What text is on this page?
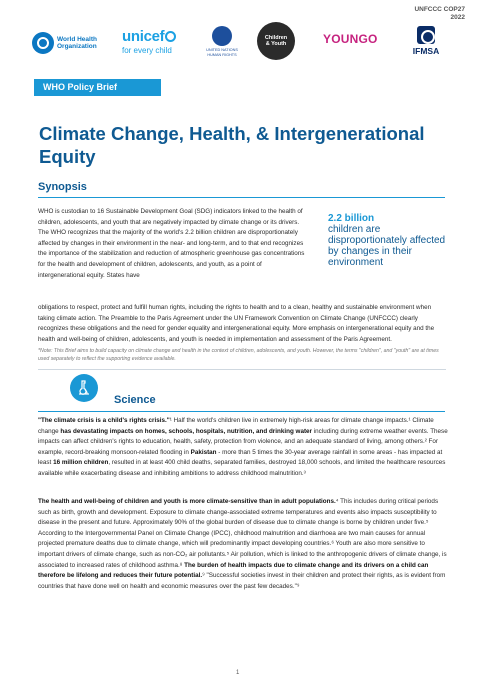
UNFCCC COP27
2022
World Health Organization
unicef
for every child	UNITED NATIONS HUMAN RIGHTS
Children
& Youth	YOUNGO
IFMSA
WHO Policy Brief
Climate Change, Health, & Intergenerational Equity
Synopsis

WHO is custodian to 16 Sustainable Development Goal (SDG) indicators linked to the health of children, adolescents, and youth that are negatively impacted by climate change or its drivers. The WHO recognizes that the majority of the world's 2.2 billion children are disproportionately affected by changes in their environment in the near- and long-term, and to that end recognizes the importance of the stabilization and reduction of atmospheric greenhouse gas concentrations for the health and development of children, adolescents, and youth, as a point of intergenerational equity. States have

2.2 billion
children are disproportionately affected by changes in their environment

obligations to respect, protect and fulfill human rights, including the rights to health and to a clean, healthy and sustainable environment when taking climate action. The Preamble to the Paris Agreement under the UN Framework Convention on Climate Change (UNFCCC) clearly recognizes these obligations and the need for gender equality and intergenerational equity. More emphasis on intergenerational equity and the health and well-being of children, adolescents, and youth is needed in implementation and assessment of the Paris Agreement.

*Note: This Brief aims to build capacity on climate change and health in the context of children, adolescents, and youth. However, the terms "children", and "youth" are at times used separately to reflect the supporting evidence available.

Science

"The climate crisis is a child's rights crisis."¹ Half the world's children live in extremely high-risk areas for climate change impacts.¹ Climate change has devastating impacts on homes, schools, hospitals, nutrition, and drinking water including during extreme weather events. These impacts can affect children's rights to education, health, safety, protection from violence, and an adequate standard of living, among others.² For example, record-breaking monsoon-related flooding in Pakistan - more than 5 times the 30-year average rainfall in some areas - has impacted at least 16 million children, resulted in at least 400 child deaths, separated families, destroyed 18,000 schools, and limited the healthcare resources available while exacerbating disease and inhibiting ambitions to address childhood malnutrition.³

The health and well-being of children and youth is more climate-sensitive than in adult populations.⁴ This includes during critical periods such as birth, growth and development. Exposure to climate change-associated extreme temperatures and events also impacts susceptibility to disease in the present and future. Approximately 90% of the global burden of disease due to climate change is borne by children under five.⁵ According to the Intergovernmental Panel on Climate Change (IPCC), childhood malnutrition and diarrhoea are two main causes for annual projected premature deaths due to climate change, which will predominantly impact developing countries.⁶ Youth are also more sensitive to important drivers of climate change, such as non-CO₂ air pollutants.⁵ Air pollution, which is linked to the anthropogenic drivers of climate change, is associated to increased rates of childhood asthma.⁸ The burden of health impacts due to climate change and its drivers on a child can therefore be lifelong and reduces their future potential.⁹ "Successful societies invest in their children and protect their rights, as is evident from countries that have done well on health and economic measures over the past few decades."⁹

1
